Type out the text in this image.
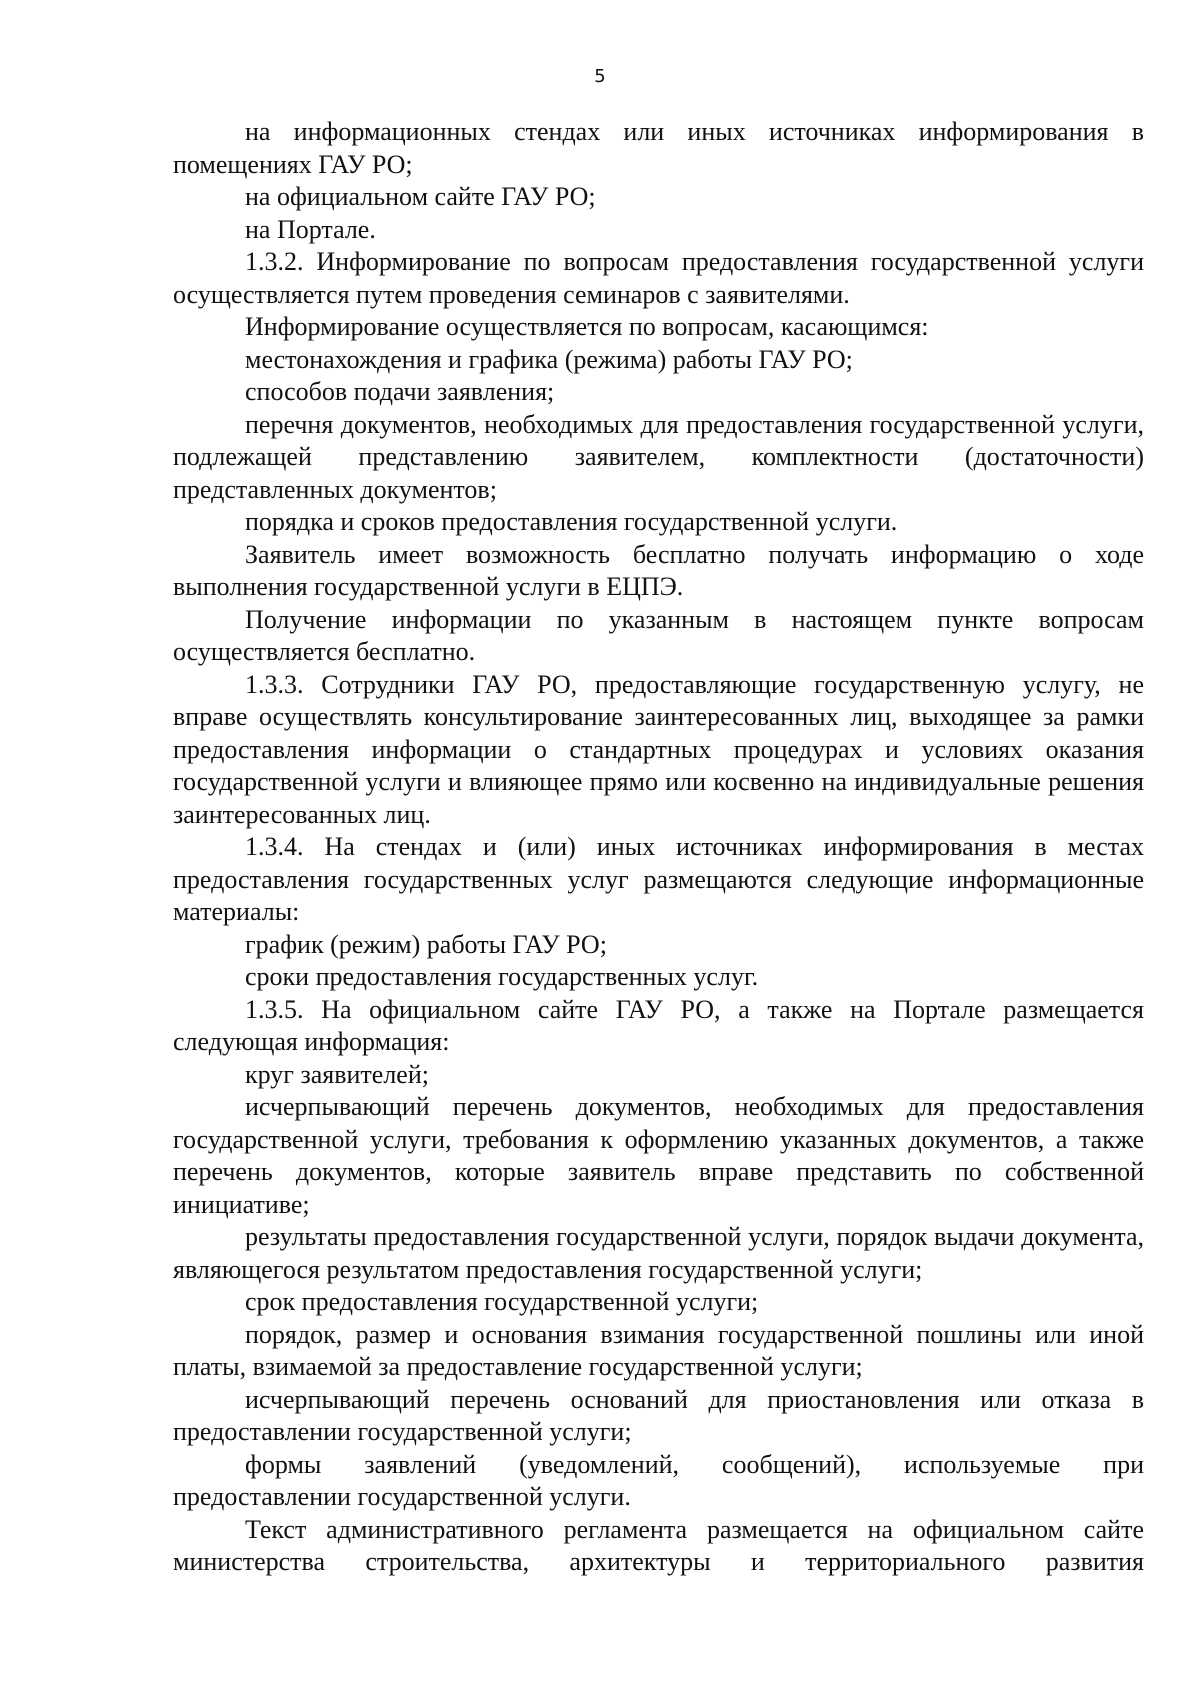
5

на информационных стендах или иных источниках информирования в помещениях ГАУ РО;

на официальном сайте ГАУ РО;

на Портале.

1.3.2. Информирование по вопросам предоставления государственной услуги осуществляется путем проведения семинаров с заявителями.

Информирование осуществляется по вопросам, касающимся:

местонахождения и графика (режима) работы ГАУ РО;

способов подачи заявления;

перечня документов, необходимых для предоставления государственной услуги, подлежащей представлению заявителем, комплектности (достаточности) представленных документов;

порядка и сроков предоставления государственной услуги.

Заявитель имеет возможность бесплатно получать информацию о ходе выполнения государственной услуги в ЕЦПЭ.

Получение информации по указанным в настоящем пункте вопросам осуществляется бесплатно.

1.3.3. Сотрудники ГАУ РО, предоставляющие государственную услугу, не вправе осуществлять консультирование заинтересованных лиц, выходящее за рамки предоставления информации о стандартных процедурах и условиях оказания государственной услуги и влияющее прямо или косвенно на индивидуальные решения заинтересованных лиц.

1.3.4. На стендах и (или) иных источниках информирования в местах предоставления государственных услуг размещаются следующие информационные материалы:

график (режим) работы ГАУ РО;

сроки предоставления государственных услуг.

1.3.5. На официальном сайте ГАУ РО, а также на Портале размещается следующая информация:

круг заявителей;

исчерпывающий перечень документов, необходимых для предоставления государственной услуги, требования к оформлению указанных документов, а также перечень документов, которые заявитель вправе представить по собственной инициативе;

результаты предоставления государственной услуги, порядок выдачи документа, являющегося результатом предоставления государственной услуги;

срок предоставления государственной услуги;

порядок, размер и основания взимания государственной пошлины или иной платы, взимаемой за предоставление государственной услуги;

исчерпывающий перечень оснований для приостановления или отказа в предоставлении государственной услуги;

формы заявлений (уведомлений, сообщений), используемые при предоставлении государственной услуги.

Текст административного регламента размещается на официальном сайте министерства строительства, архитектуры и территориального развития
